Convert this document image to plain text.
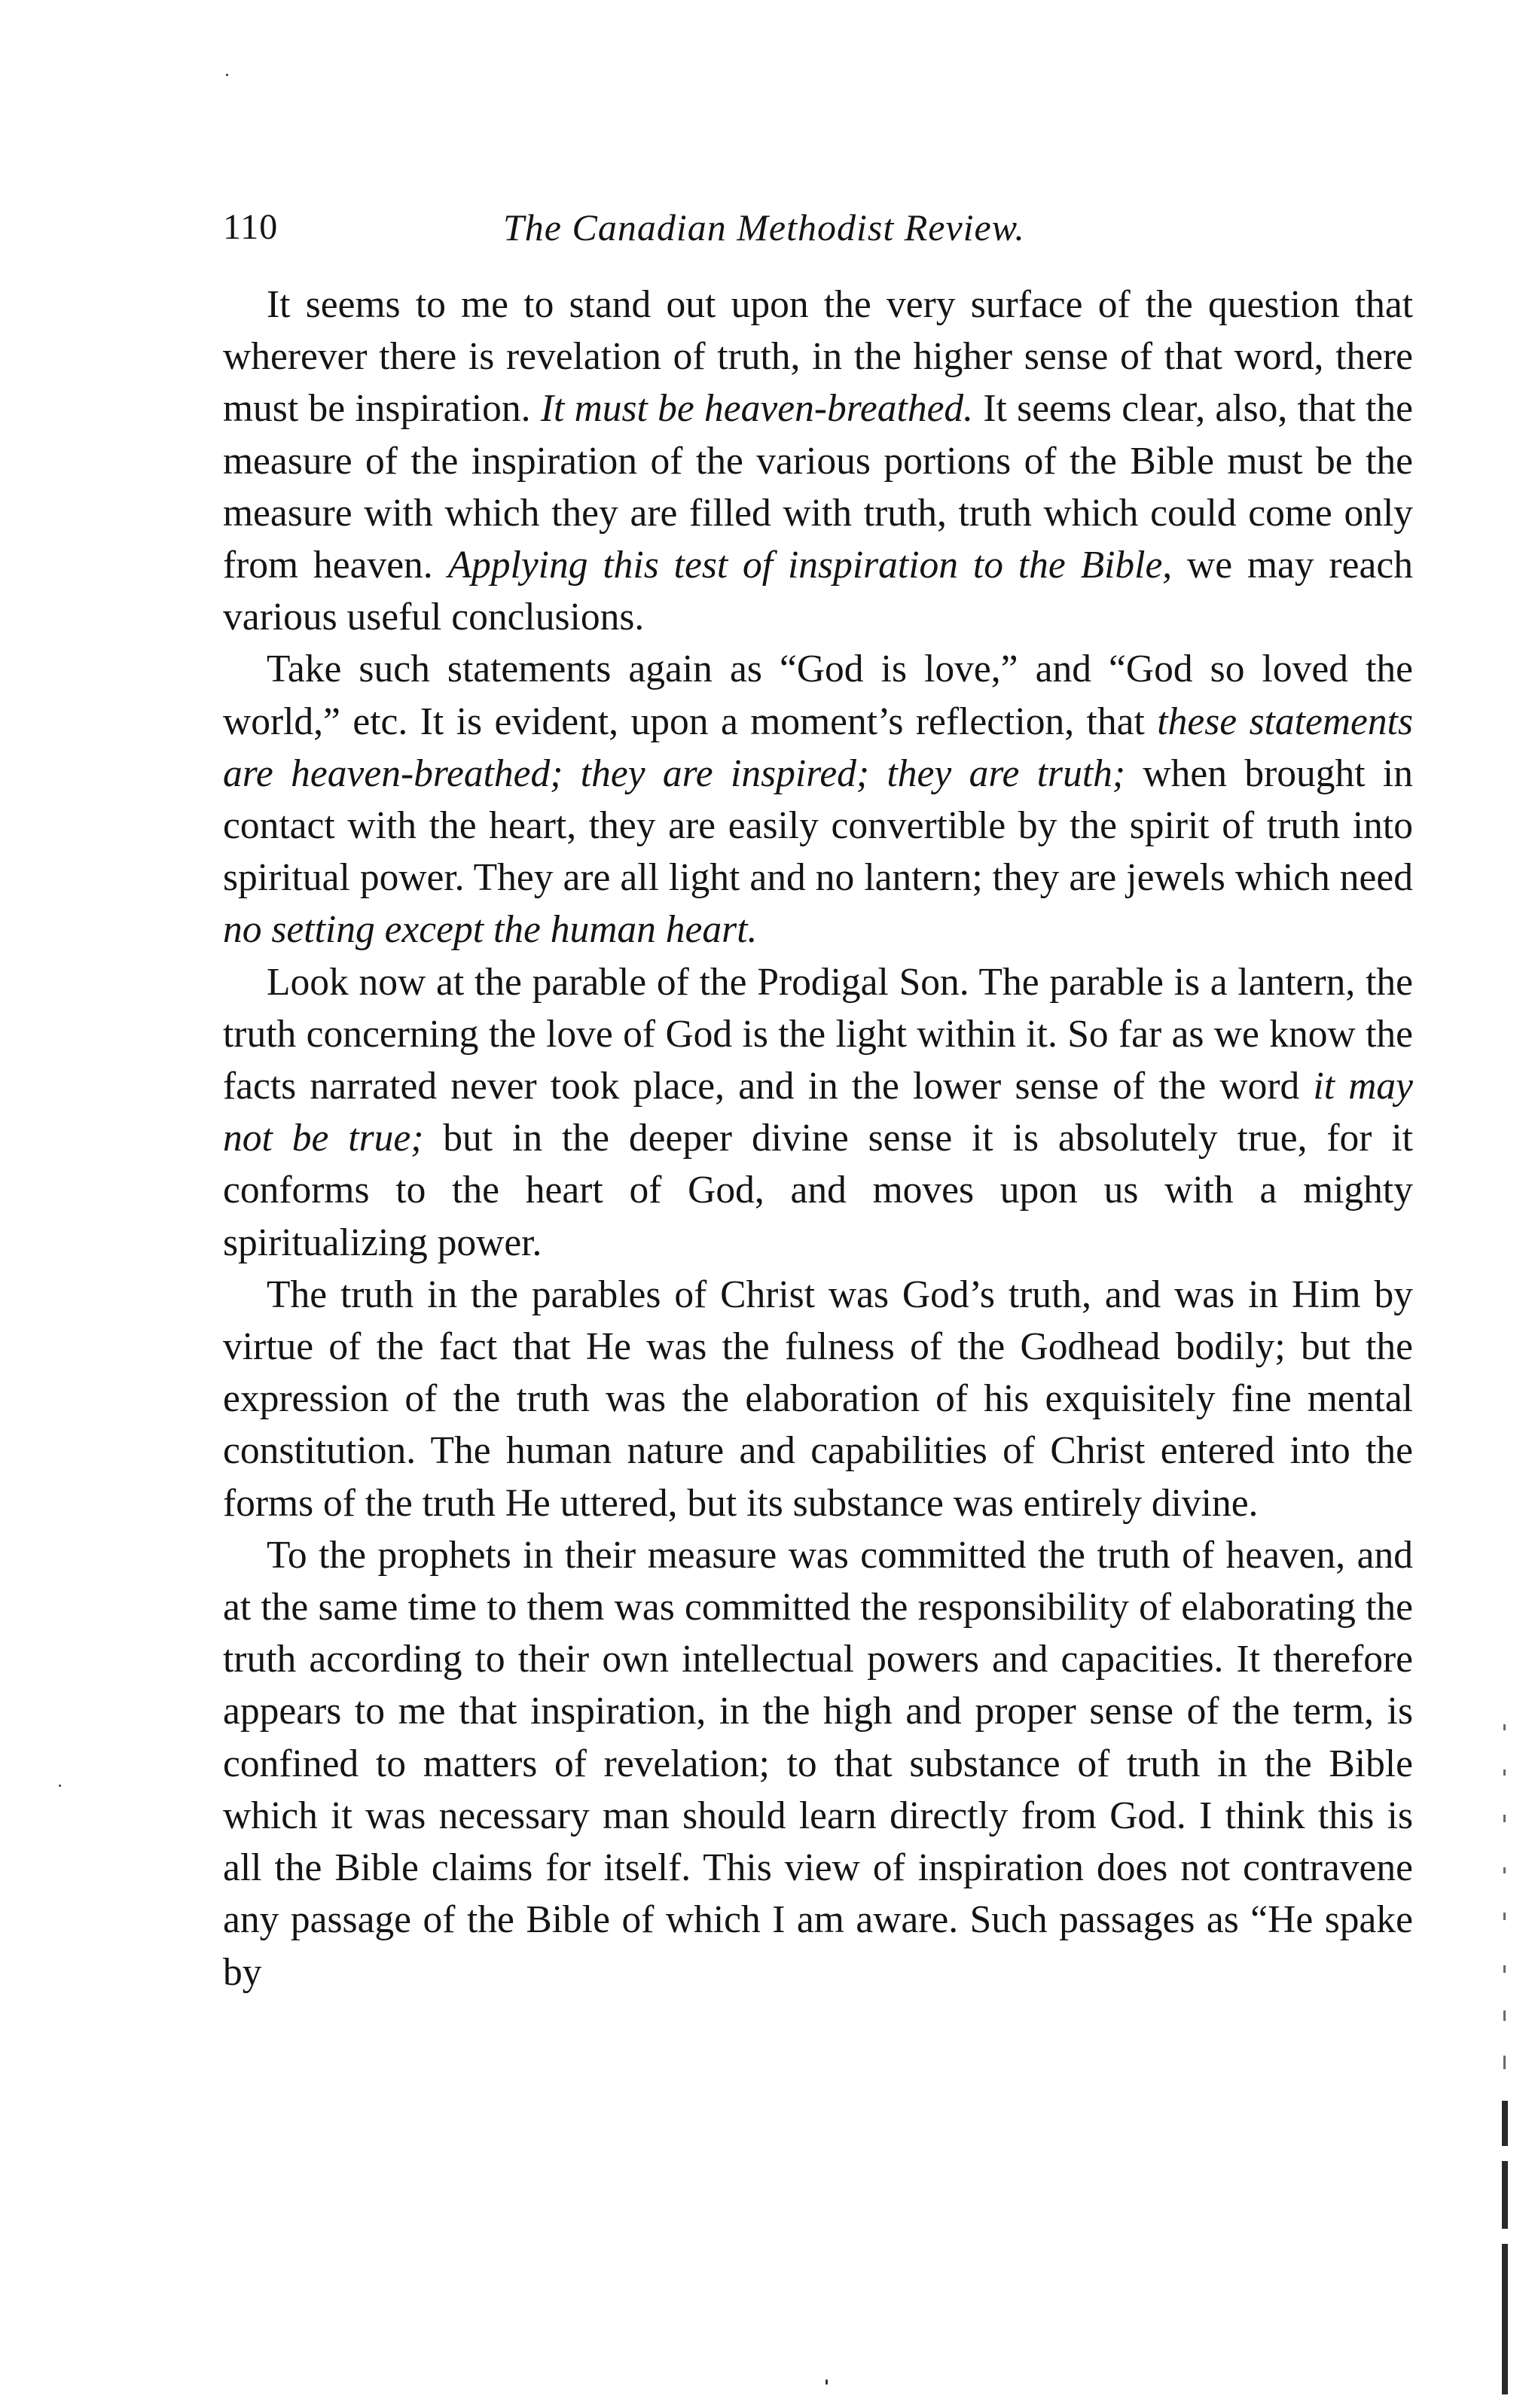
110	The Canadian Methodist Review.

It seems to me to stand out upon the very surface of the question that wherever there is revelation of truth, in the higher sense of that word, there must be inspiration. It must be heaven-breathed. It seems clear, also, that the measure of the inspiration of the various portions of the Bible must be the measure with which they are filled with truth, truth which could come only from heaven. Applying this test of inspiration to the Bible, we may reach various useful conclusions.

Take such statements again as “God is love,” and “God so loved the world,” etc. It is evident, upon a moment’s reflection, that these statements are heaven-breathed; they are inspired; they are truth; when brought in contact with the heart, they are easily convertible by the spirit of truth into spiritual power. They are all light and no lantern; they are jewels which need no setting except the human heart.

Look now at the parable of the Prodigal Son. The parable is a lantern, the truth concerning the love of God is the light within it. So far as we know the facts narrated never took place, and in the lower sense of the word it may not be true; but in the deeper divine sense it is absolutely true, for it conforms to the heart of God, and moves upon us with a mighty spiritualizing power.

The truth in the parables of Christ was God’s truth, and was in Him by virtue of the fact that He was the fulness of the Godhead bodily; but the expression of the truth was the elaboration of his exquisitely fine mental constitution. The human nature and capabilities of Christ entered into the forms of the truth He uttered, but its substance was entirely divine.

To the prophets in their measure was committed the truth of heaven, and at the same time to them was committed the responsibility of elaborating the truth according to their own intellectual powers and capacities. It therefore appears to me that inspiration, in the high and proper sense of the term, is confined to matters of revelation; to that substance of truth in the Bible which it was necessary man should learn directly from God. I think this is all the Bible claims for itself. This view of inspiration does not contravene any passage of the Bible of which I am aware. Such passages as “He spake by
